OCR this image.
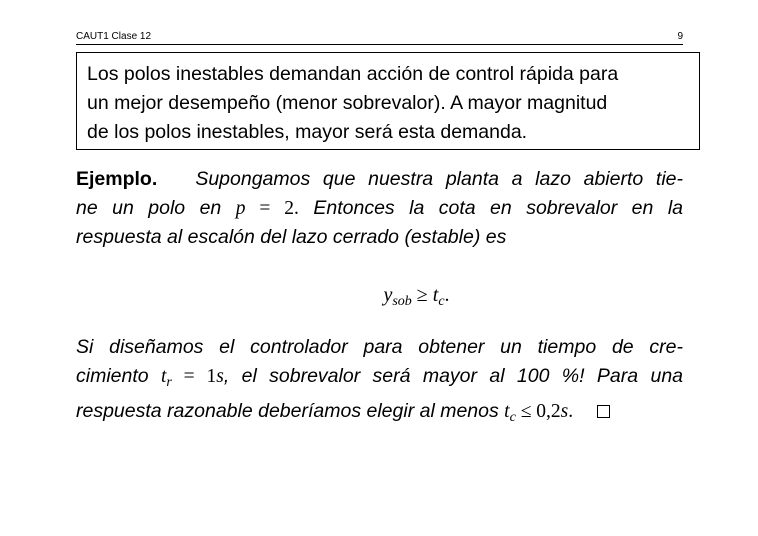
CAUT1 Clase 12	9
Los polos inestables demandan acción de control rápida para
un mejor desempeño (menor sobrevalor). A mayor magnitud
de los polos inestables, mayor será esta demanda.
Ejemplo. Supongamos que nuestra planta a lazo abierto tie-
ne un polo en p = 2. Entonces la cota en sobrevalor en la
respuesta al escalón del lazo cerrado (estable) es
$y_{sob} \ge t_c$.
Si diseñamos el controlador para obtener un tiempo de cre-
cimiento $t_r = 1s$, el sobrevalor será mayor al 100 %! Para una
respuesta razonable deberíamos elegir al menos $t_c \le 0,2s$.
